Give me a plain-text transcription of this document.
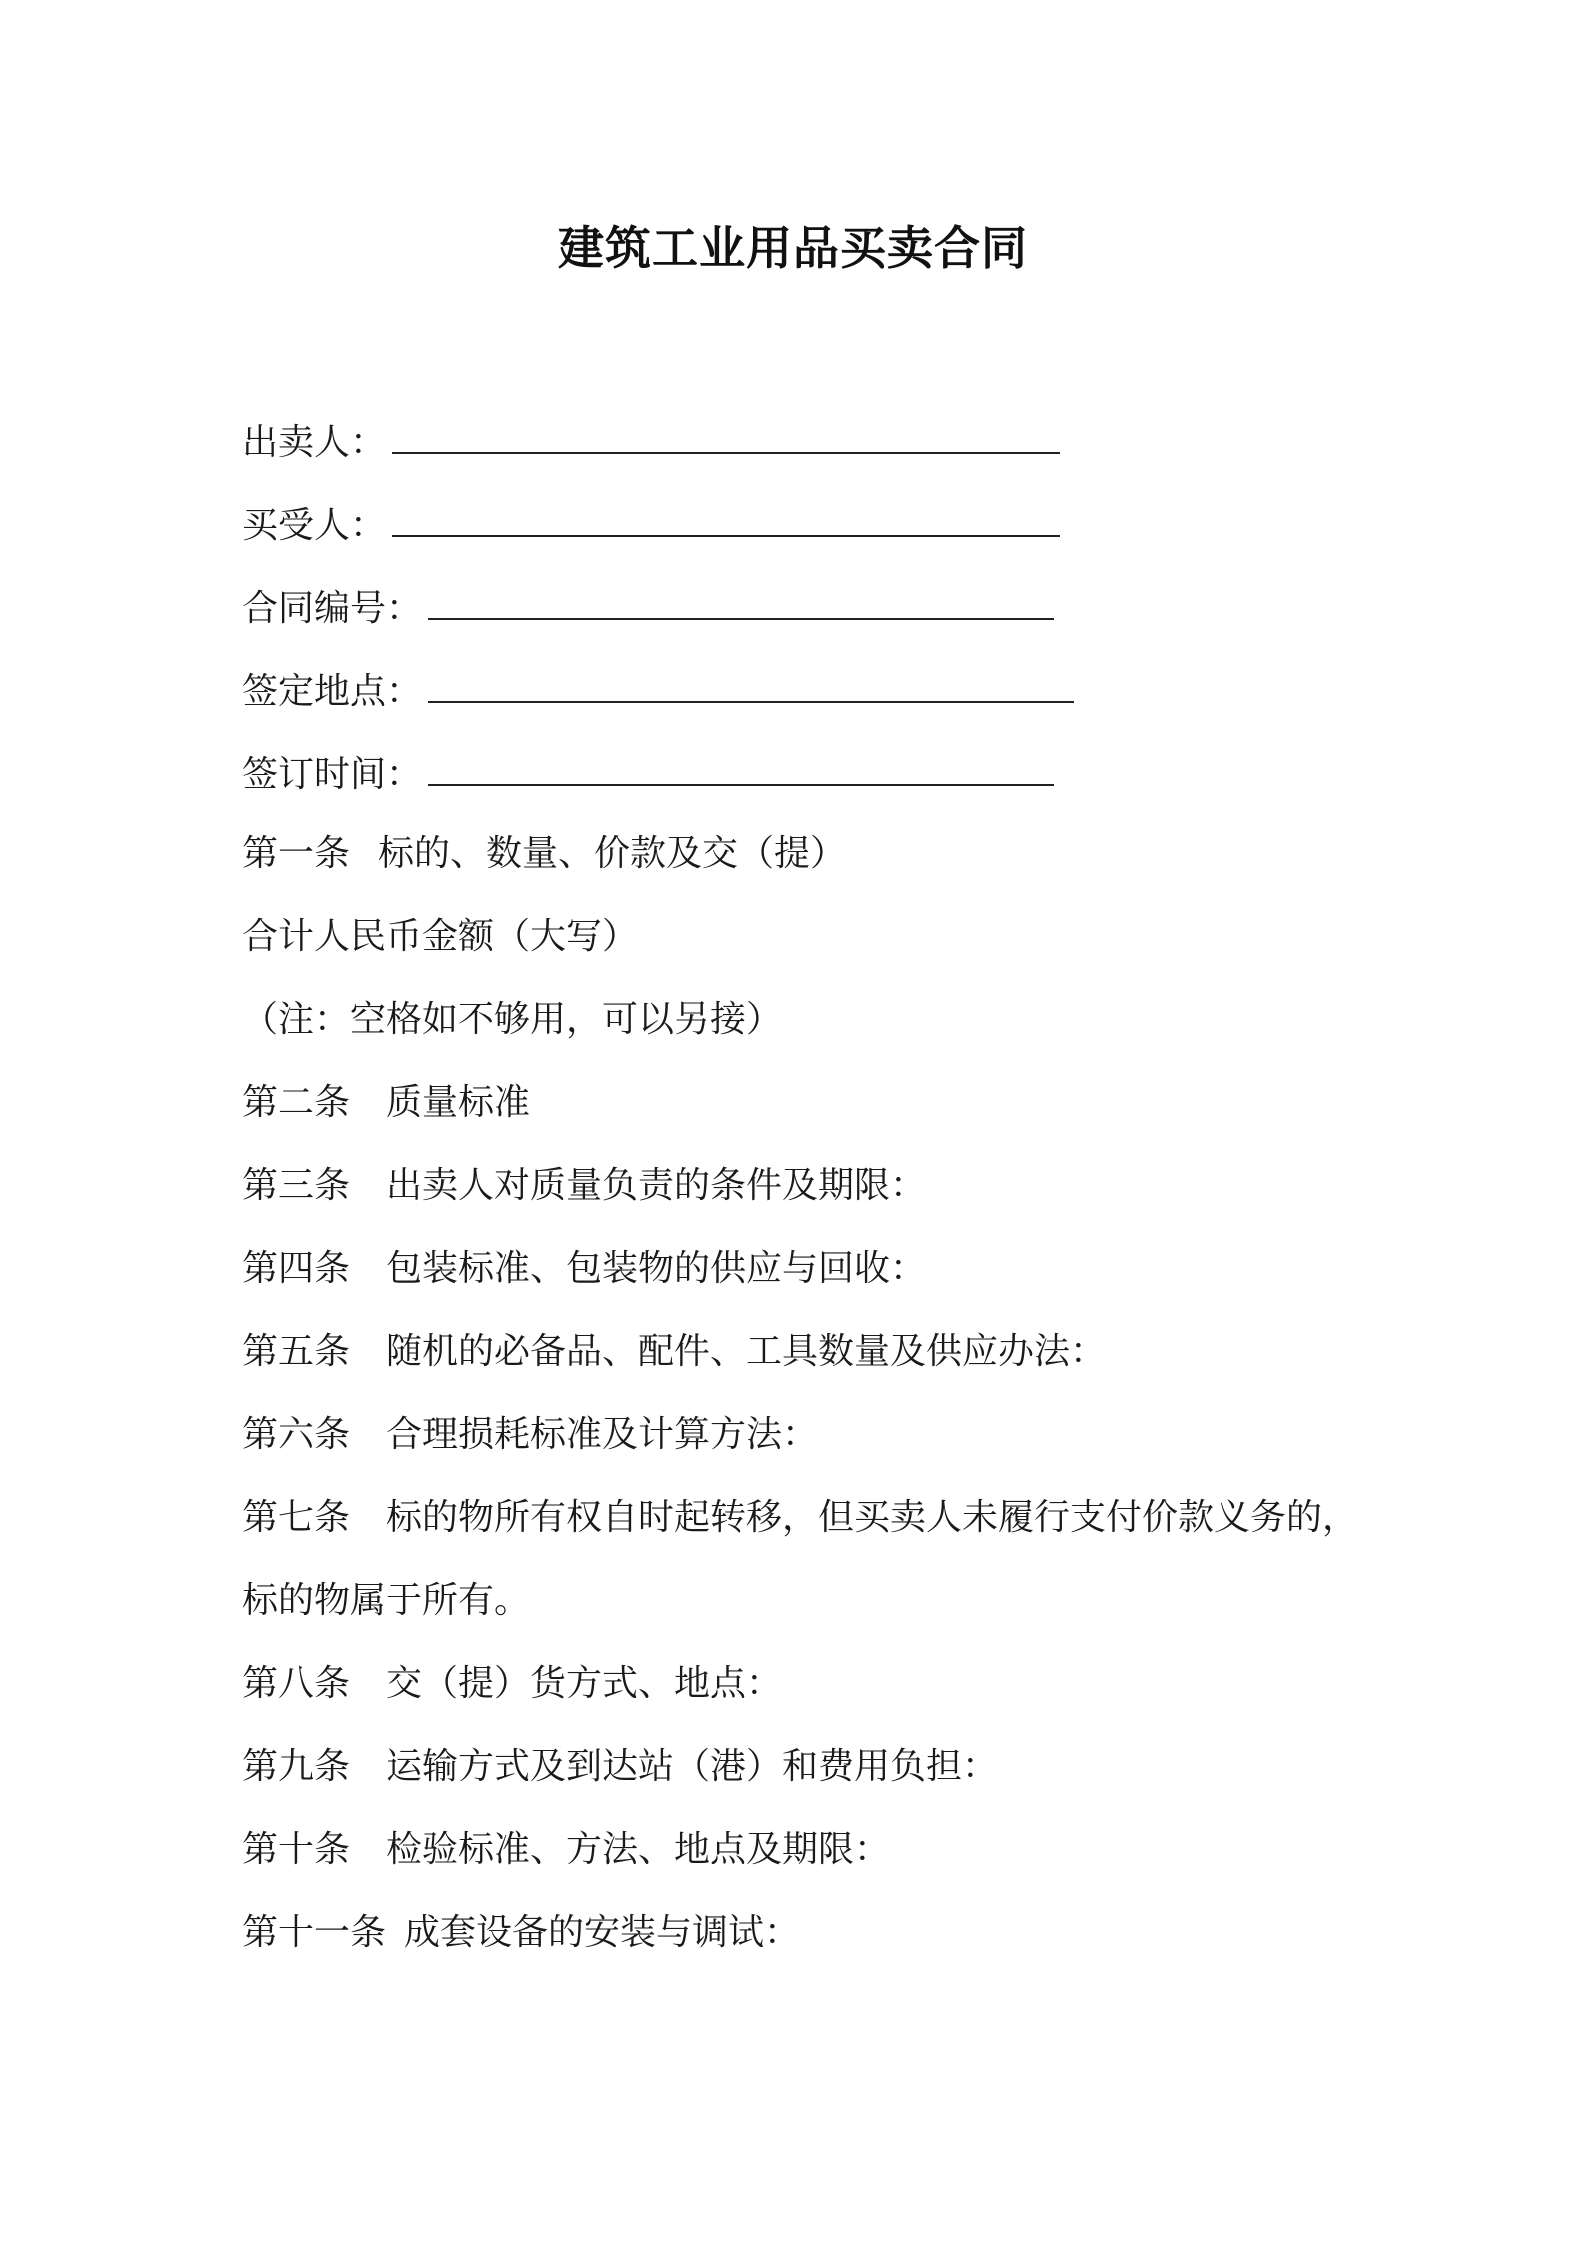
建筑工业用品买卖合同
出卖人：
买受人：
合同编号：
签定地点：
签订时间：
第一条 标的、数量、价款及交（提）
合计人民币金额（大写）
（注：空格如不够用，可以另接）
第二条 质量标准
第三条 出卖人对质量负责的条件及期限：
第四条 包装标准、包装物的供应与回收：
第五条 随机的必备品、配件、工具数量及供应办法：
第六条 合理损耗标准及计算方法：
第七条 标的物所有权自时起转移，但买卖人未履行支付价款义务的，
标的物属于所有。
第八条 交（提）货方式、地点：
第九条 运输方式及到达站（港）和费用负担：
第十条 检验标准、方法、地点及期限：
第十一条 成套设备的安装与调试：
